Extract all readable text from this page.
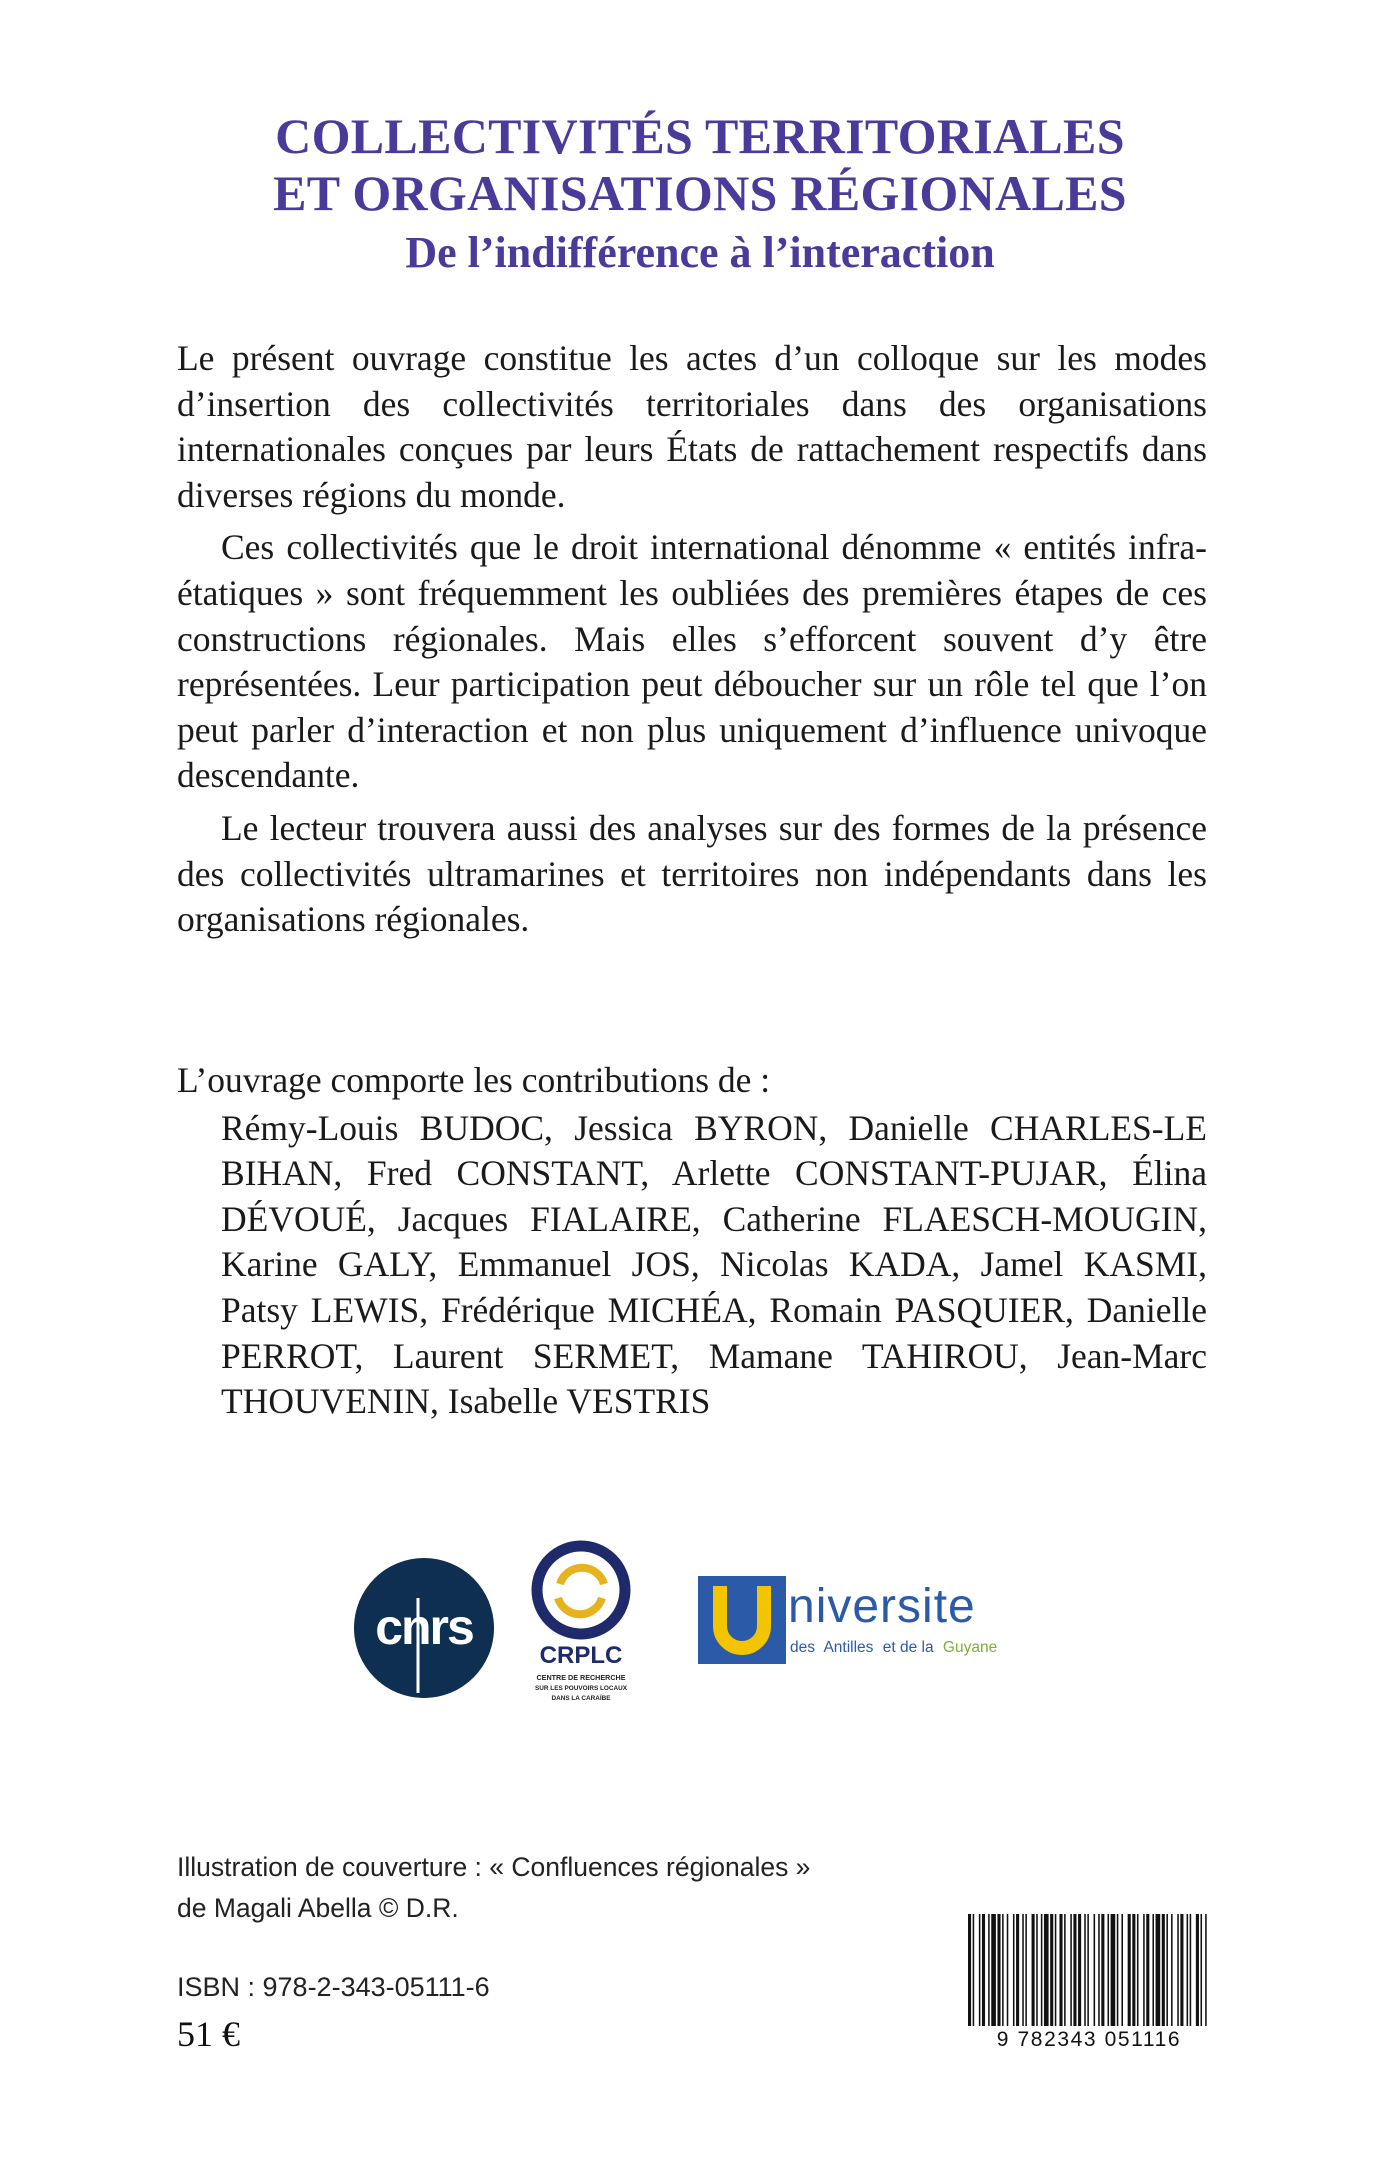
COLLECTIVITÉS TERRITORIALES
ET ORGANISATIONS RÉGIONALES
De l’indifférence à l’interaction

Le présent ouvrage constitue les actes d’un colloque sur les modes d’insertion des collectivités territoriales dans des organisations internationales conçues par leurs États de rattachement respectifs dans diverses régions du monde.

Ces collectivités que le droit international dénomme « entités infra-étatiques » sont fréquemment les oubliées des premières étapes de ces constructions régionales. Mais elles s’efforcent souvent d’y être représentées. Leur participation peut déboucher sur un rôle tel que l’on peut parler d’interaction et non plus uniquement d’influence univoque descendante.

Le lecteur trouvera aussi des analyses sur des formes de la présence des collectivités ultramarines et territoires non indépendants dans les organisations régionales.

L’ouvrage comporte les contributions de :

Rémy-Louis BUDOC, Jessica BYRON, Danielle CHARLES-LE BIHAN, Fred CONSTANT, Arlette CONSTANT-PUJAR, Élina DÉVOUÉ, Jacques FIALAIRE, Catherine FLAESCH-MOUGIN, Karine GALY, Emmanuel JOS, Nicolas KADA, Jamel KASMI, Patsy LEWIS, Frédérique MICHÉA, Romain PASQUIER, Danielle PERROT, Laurent SERMET, Mamane TAHIROU, Jean-Marc THOUVENIN, Isabelle VESTRIS

cnrs
CRPLC
CENTRE DE RECHERCHE
SUR LES POUVOIRS LOCAUX
DANS LA CARAÏBE
niversite
des Antilles et de la Guyane
Illustration de couverture : « Confluences régionales »
de Magali Abella © D.R.
ISBN : 978-2-343-05111-6
51 €	9 782343 051116
